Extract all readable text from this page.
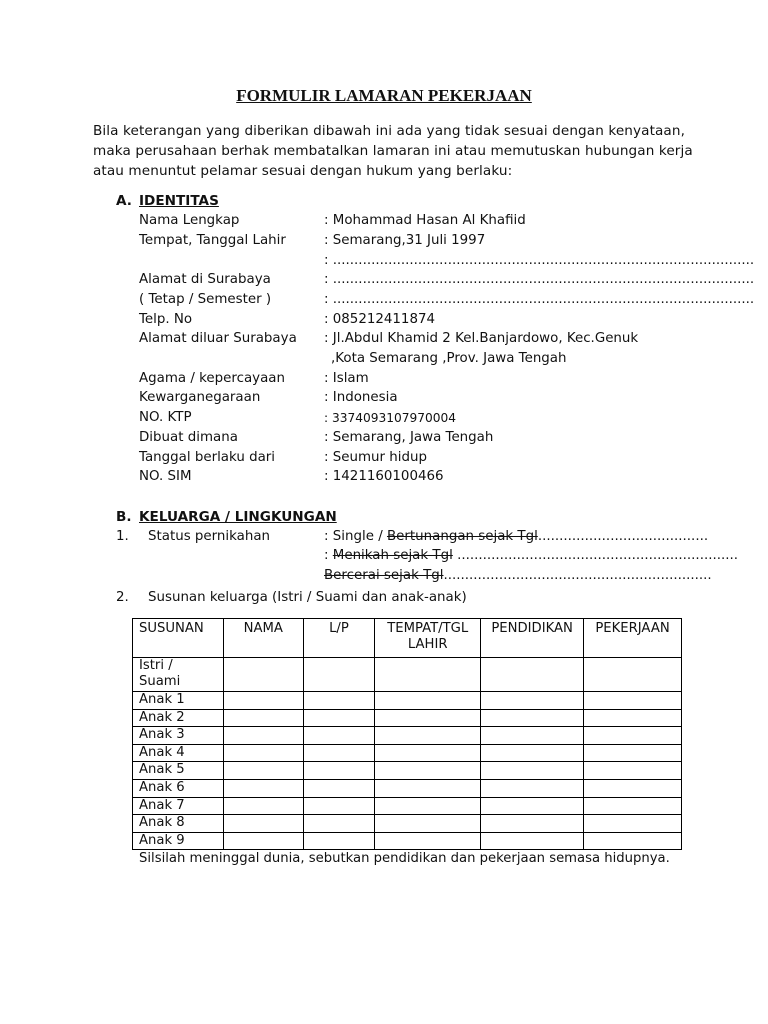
FORMULIR LAMARAN PEKERJAAN
Bila keterangan yang diberikan dibawah ini ada yang tidak sesuai dengan kenyataan,
maka perusahaan berhak membatalkan lamaran ini atau memutuskan hubungan kerja
atau menuntut pelamar sesuai dengan hukum yang berlaku:
A. IDENTITAS
Nama Lengkap	: Mohammad Hasan Al Khafiid
Tempat, Tanggal Lahir	: Semarang,31 Juli 1997
: ...................................................................................................
Alamat di Surabaya	: ...................................................................................................
( Tetap / Semester )	: ...................................................................................................
Telp. No	: 085212411874
Alamat diluar Surabaya : Jl.Abdul Khamid 2 Kel.Banjardowo, Kec.Genuk
,Kota Semarang ,Prov. Jawa Tengah
Agama / kepercayaan	: Islam
Kewarganegaraan	: Indonesia
NO. KTP	: 3374093107970004
Dibuat dimana	: Semarang, Jawa Tengah
Tanggal berlaku dari	: Seumur hidup
NO. SIM	: 1421160100466
B. KELUARGA / LINGKUNGAN
1. Status pernikahan	: Single / Bertunangan sejak Tgl........................................
: Menikah sejak Tgl ..................................................................
Bercerai sejak Tgl...............................................................
2. Susunan keluarga (Istri / Suami dan anak-anak)
SUSUNAN	NAMA	L/P	TEMPAT/TGL LAHIR	PENDIDIKAN	PEKERJAAN
Istri / Suami					
Anak 1					
Anak 2					
Anak 3					
Anak 4					
Anak 5					
Anak 6					
Anak 7					
Anak 8					
Anak 9					
Silsilah meninggal dunia, sebutkan pendidikan dan pekerjaan semasa hidupnya.
